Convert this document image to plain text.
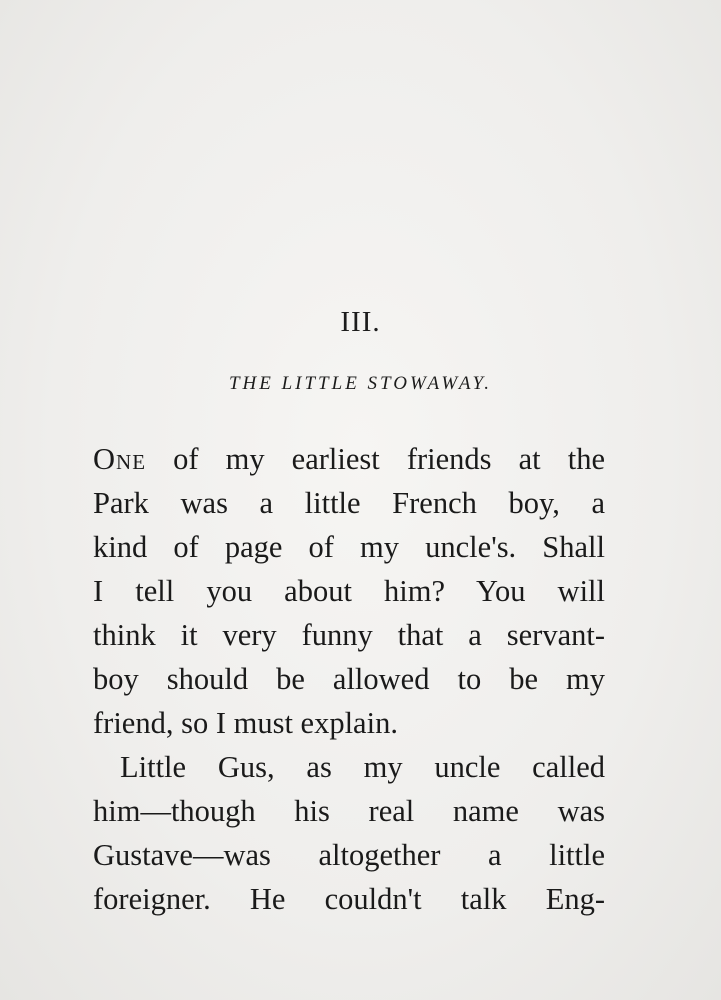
III.
THE LITTLE STOWAWAY.
One of my earliest friends at the
Park was a little French boy, a
kind of page of my uncle's. Shall
I tell you about him? You will
think it very funny that a servant-
boy should be allowed to be my
friend, so I must explain.
Little Gus, as my uncle called
him—though his real name was
Gustave—was altogether a little
foreigner. He couldn't talk Eng-
